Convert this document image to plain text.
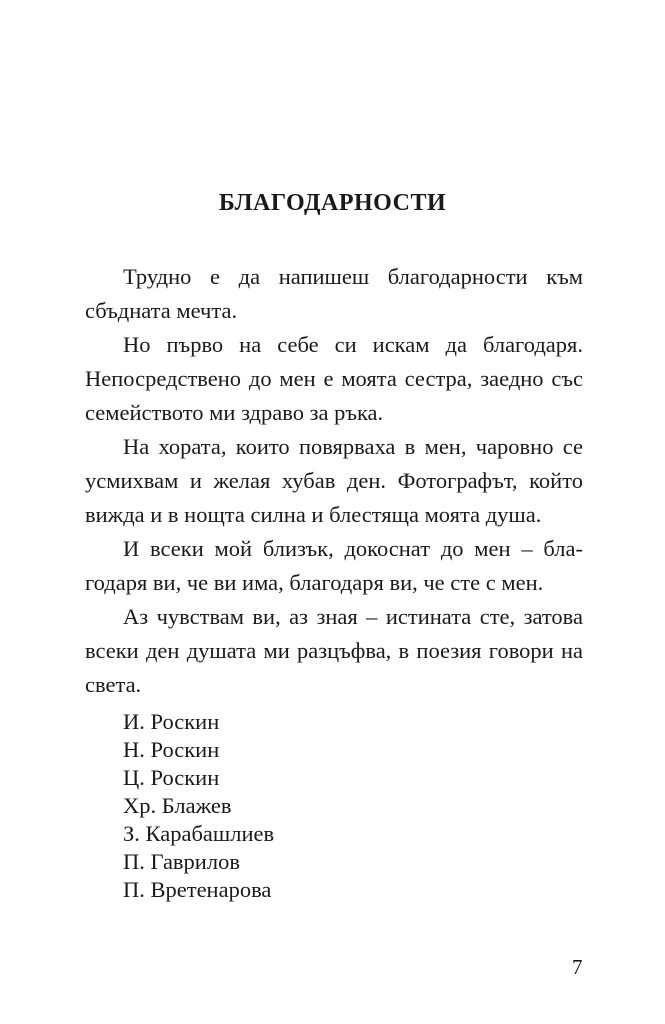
БЛАГОДАРНОСТИ

Трудно е да напишеш благодарности към сбъдната мечта.

Но първо на себе си искам да благодаря. Непосредствено до мен е моята сестра, заедно със семейството ми здраво за ръка.

На хората, които повярваха в мен, чаровно се усмихвам и желая хубав ден. Фотографът, който вижда и в нощта силна и блестяща моята душа.

И всеки мой близък, докоснат до мен – благодаря ви, че ви има, благодаря ви, че сте с мен.

Аз чувствам ви, аз зная – истината сте, затова всеки ден душата ми разцъфва, в поезия говори на света.

И. Роскин
Н. Роскин
Ц. Роскин
Хр. Блажев
З. Карабашлиев
П. Гаврилов
П. Вретенарова
7
